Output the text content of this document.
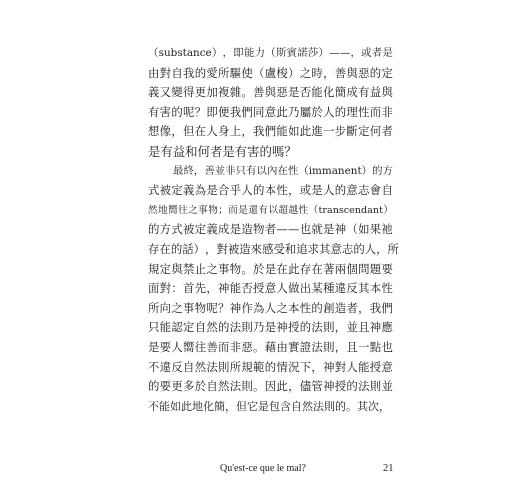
（ substance ） ， 即 能 力 （ 斯 賓 諾 莎 ） — — ， 或 者 是
由 對 自 我 的 愛 所 驅 使 （ 盧 梭 ） 之 時 ， 善 與 惡 的 定
義 又 變 得 更 加 複 雜 。 善 與 惡 是 否 能 化 簡 成 有 益 與
有 害 的 呢 ？ 即 便 我 們 同 意 此 乃 屬 於 人 的 理 性 而 非
想 像 ， 但 在 人 身 上 ， 我 們 能 如 此 進 一 步 斷 定 何 者
是有益和何者是有害的嗎？
最 終 ， 善 並 非 只 有 以 內 在 性 （ immanent ） 的 方
式 被 定 義 為 是 合 乎 人 的 本 性 ， 或 是 人 的 意 志 會 自
然 地 嚮 往 之 事 物 ； 而 是 還 有 以 超 越 性 （ transcendant ）
的 方 式 被 定 義 成 是 造 物 者 — — 也 就 是 神 （ 如 果 祂
存 在 的 話 ） ， 對 被 造 來 感 受 和 追 求 其 意 志 的 人 ， 所
規 定 與 禁 止 之 事 物 。 於 是 在 此 存 在 著 兩 個 問 題 要
面 對 ： 首 先 ， 神 能 否 授 意 人 做 出 某 種 違 反 其 本 性
所 向 之 事 物 呢 ？ 神 作 為 人 之 本 性 的 創 造 者 ， 我 們
只 能 認 定 自 然 的 法 則 乃 是 神 授 的 法 則 ， 並 且 神 應
是 要 人 嚮 往 善 而 非 惡 。 藉 由 實 證 法 則 ， 且 一 點 也
不 違 反 自 然 法 則 所 規 範 的 情 況 下 ， 神 對 人 能 授 意
的 要 更 多 於 自 然 法 則 。 因 此 ， 儘 管 神 授 的 法 則 並
不能如此地化簡，但它是包含自然法則的。其次，
Qu'est-ce que le mal?	21
